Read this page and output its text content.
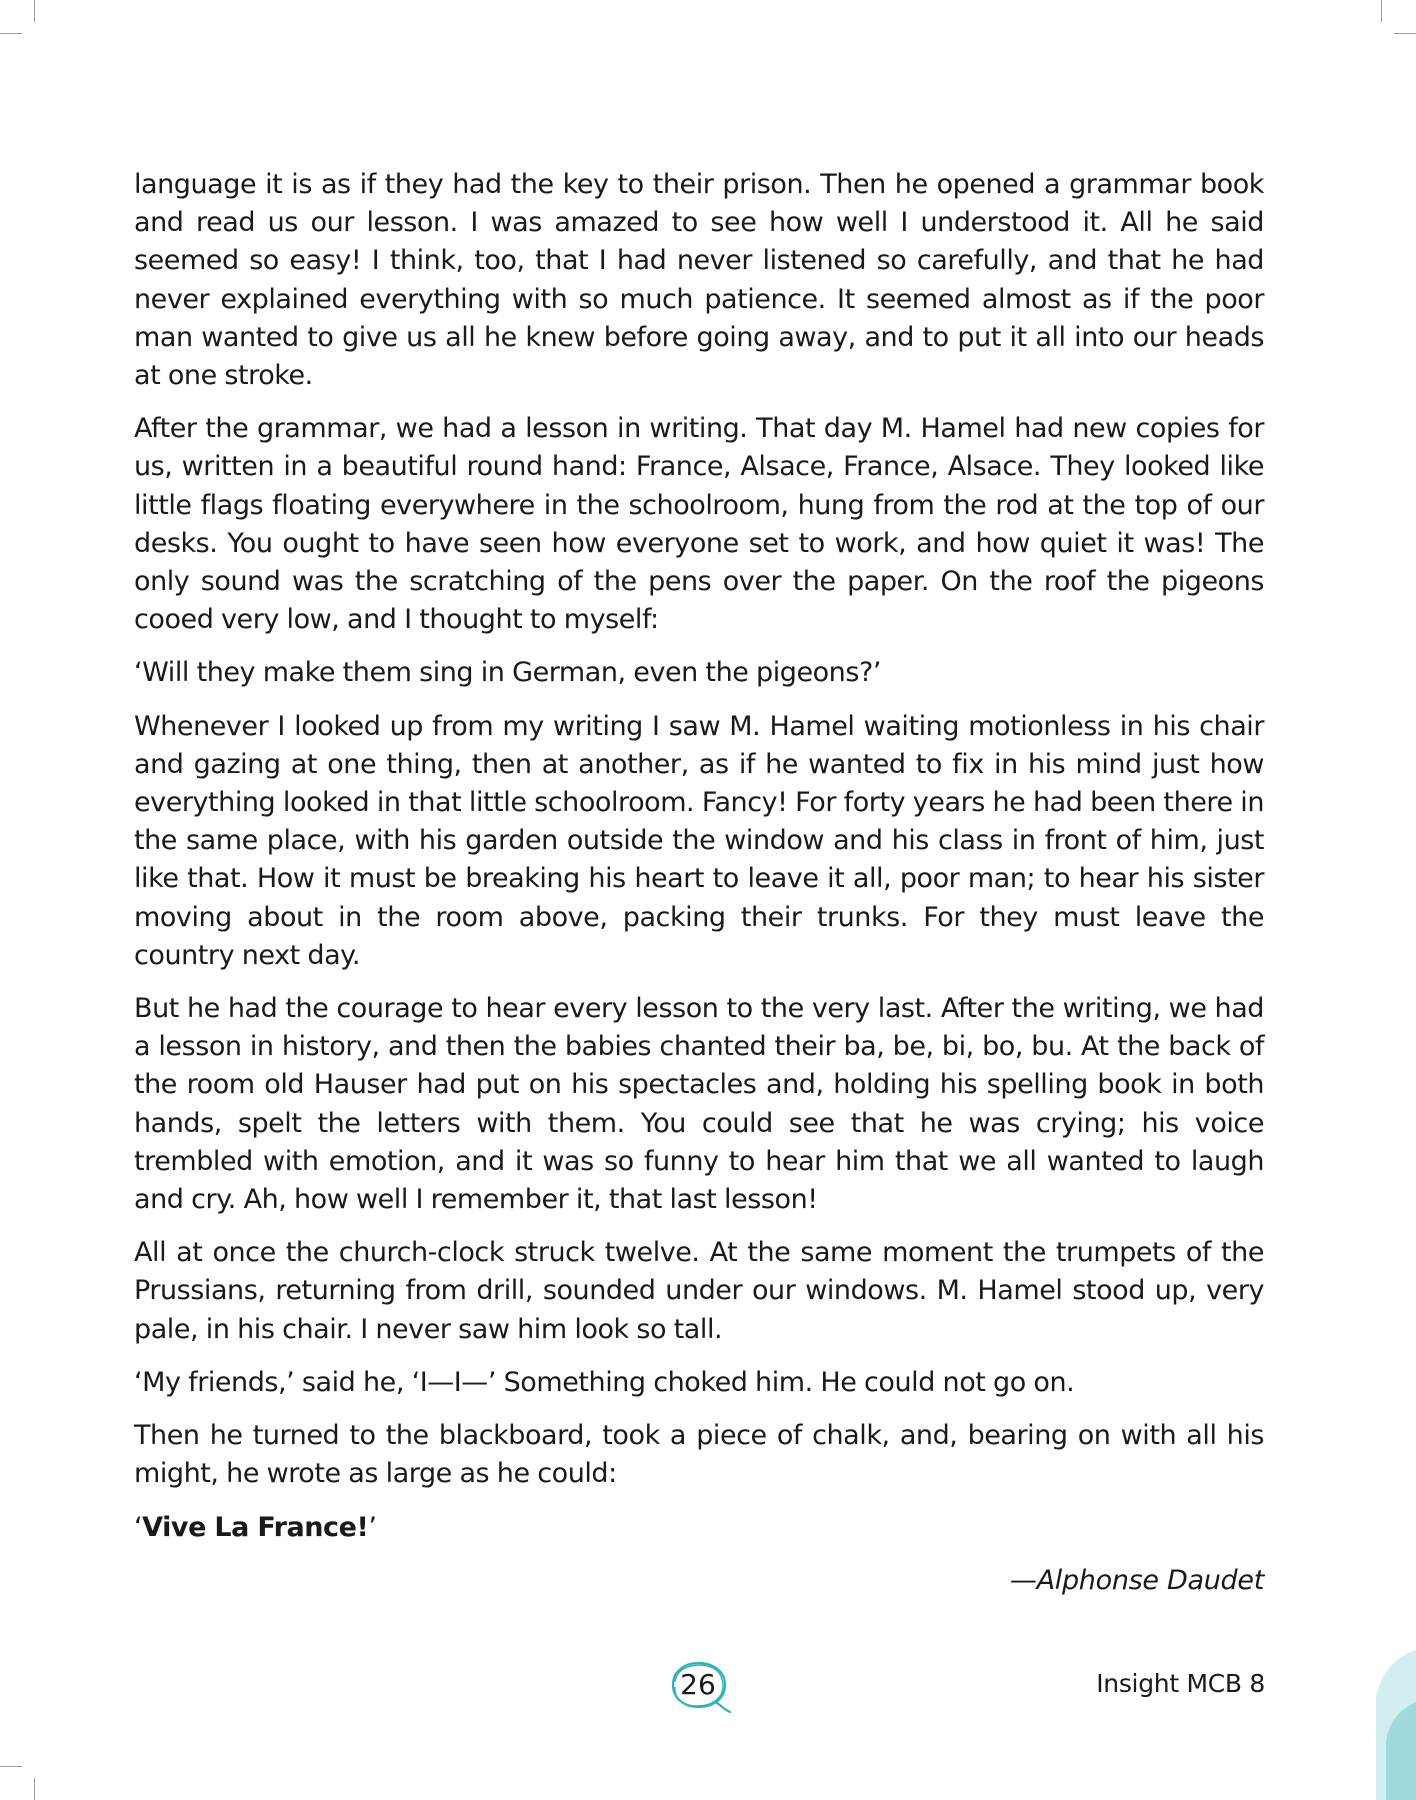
language it is as if they had the key to their prison. Then he opened a grammar book and read us our lesson. I was amazed to see how well I understood it. All he said seemed so easy! I think, too, that I had never listened so carefully, and that he had never explained everything with so much patience. It seemed almost as if the poor man wanted to give us all he knew before going away, and to put it all into our heads at one stroke.

After the grammar, we had a lesson in writing. That day M. Hamel had new copies for us, written in a beautiful round hand: France, Alsace, France, Alsace. They looked like little flags floating everywhere in the schoolroom, hung from the rod at the top of our desks. You ought to have seen how everyone set to work, and how quiet it was! The only sound was the scratching of the pens over the paper. On the roof the pigeons cooed very low, and I thought to myself:

‘Will they make them sing in German, even the pigeons?’

Whenever I looked up from my writing I saw M. Hamel waiting motionless in his chair and gazing at one thing, then at another, as if he wanted to fix in his mind just how everything looked in that little schoolroom. Fancy! For forty years he had been there in the same place, with his garden outside the window and his class in front of him, just like that. How it must be breaking his heart to leave it all, poor man; to hear his sister moving about in the room above, packing their trunks. For they must leave the country next day.

But he had the courage to hear every lesson to the very last. After the writing, we had a lesson in history, and then the babies chanted their ba, be, bi, bo, bu. At the back of the room old Hauser had put on his spectacles and, holding his spelling book in both hands, spelt the letters with them. You could see that he was crying; his voice trembled with emotion, and it was so funny to hear him that we all wanted to laugh and cry. Ah, how well I remember it, that last lesson!

All at once the church-clock struck twelve. At the same moment the trumpets of the Prussians, returning from drill, sounded under our windows. M. Hamel stood up, very pale, in his chair. I never saw him look so tall.

‘My friends,’ said he, ‘I—I—’ Something choked him. He could not go on.

Then he turned to the blackboard, took a piece of chalk, and, bearing on with all his might, he wrote as large as he could:

‘Vive La France!’

—Alphonse Daudet

26	Insight MCB 8
